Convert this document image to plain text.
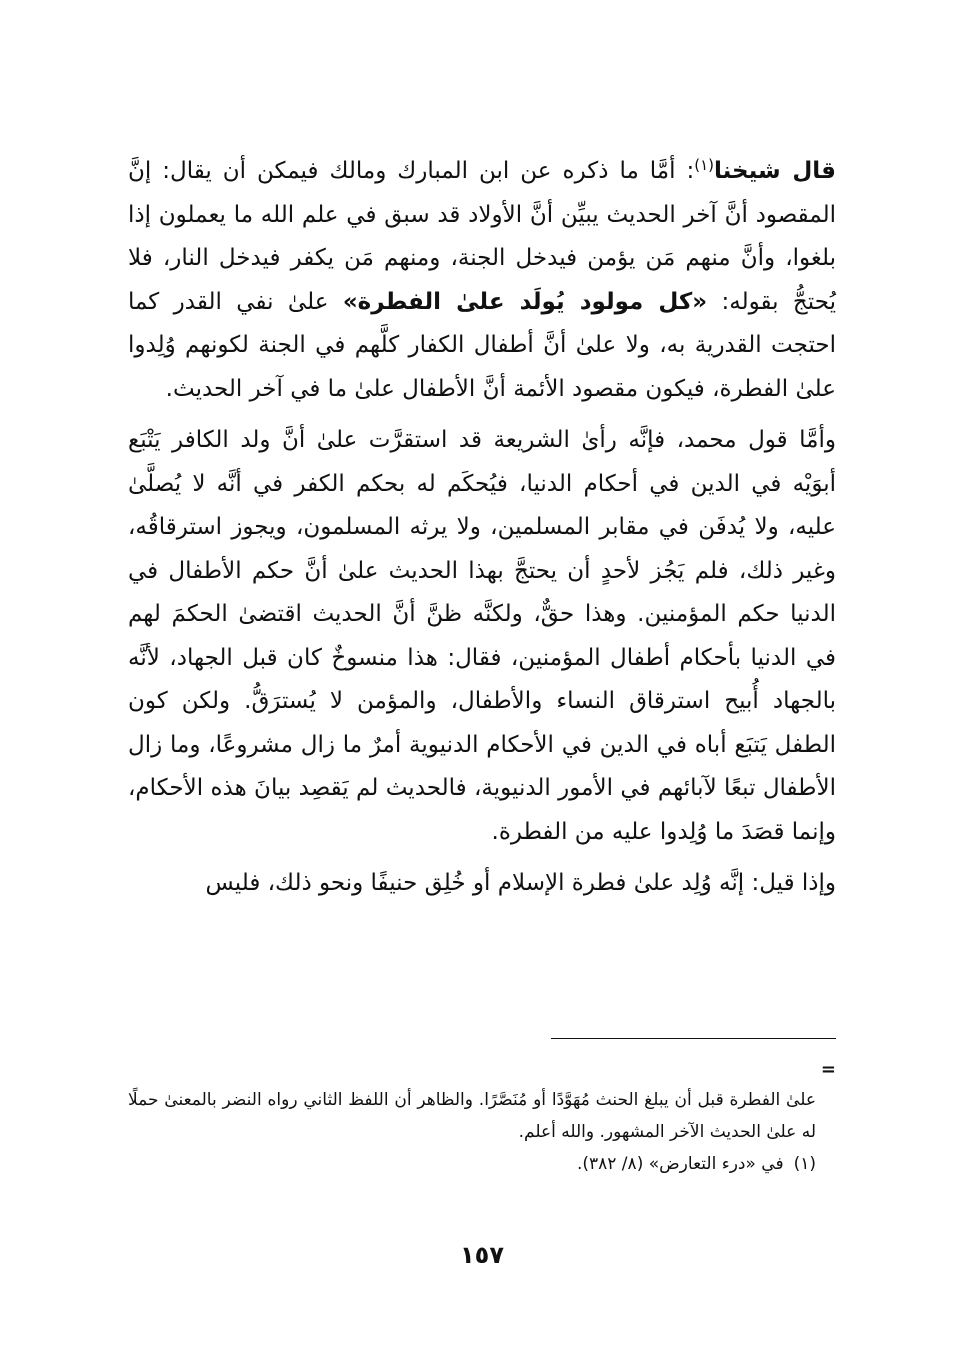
قال شيخنا$^{(١)}$: أمَّا ما ذكره عن ابن المبارك ومالك فيمكن أن يقال: إنَّ المقصود أنَّ آخر الحديث يبيِّن أنَّ الأولاد قد سبق في علم الله ما يعملون إذا بلغوا، وأنَّ منهم مَن يؤمن فيدخل الجنة، ومنهم مَن يكفر فيدخل النار، فلا يُحتجُّ بقوله: «كل مولود يُولَد علىٰ الفطرة» علىٰ نفي القدر كما احتجت القدرية به، ولا علىٰ أنَّ أطفال الكفار كلَّهم في الجنة لكونهم وُلِدوا علىٰ الفطرة، فيكون مقصود الأئمة أنَّ الأطفال علىٰ ما في آخر الحديث.

وأمَّا قول محمد، فإنَّه رأىٰ الشريعة قد استقرَّت علىٰ أنَّ ولد الكافر يَتْبَع أبوَيْه في الدين في أحكام الدنيا، فيُحكَم له بحكم الكفر في أنَّه لا يُصلَّىٰ عليه، ولا يُدفَن في مقابر المسلمين، ولا يرثه المسلمون، ويجوز استرقاقُه، وغير ذلك، فلم يَجُز لأحدٍ أن يحتجَّ بهذا الحديث علىٰ أنَّ حكم الأطفال في الدنيا حكم المؤمنين. وهذا حقٌّ، ولكنَّه ظنَّ أنَّ الحديث اقتضىٰ الحكمَ لهم في الدنيا بأحكام أطفال المؤمنين، فقال: هذا منسوخٌ كان قبل الجهاد، لأنَّه بالجهاد أُبيح استرقاق النساء والأطفال، والمؤمن لا يُسترَقُّ. ولكن كون الطفل يَتبَع أباه في الدين في الأحكام الدنيوية أمرٌ ما زال مشروعًا، وما زال الأطفال تبعًا لآبائهم في الأمور الدنيوية، فالحديث لم يَقصِد بيانَ هذه الأحكام، وإنما قصَدَ ما وُلِدوا عليه من الفطرة.

وإذا قيل: إنَّه وُلِد علىٰ فطرة الإسلام أو خُلِق حنيفًا ونحو ذلك، فليس

=

علىٰ الفطرة قبل أن يبلغ الحنث مُهَوَّدًا أو مُنَصَّرًا. والظاهر أن اللفظ الثاني رواه النضر بالمعنىٰ حملًا له علىٰ الحديث الآخر المشهور. والله أعلم.

(١)في «درء التعارض» (٨/ ٣٨٢).

١٥٧
